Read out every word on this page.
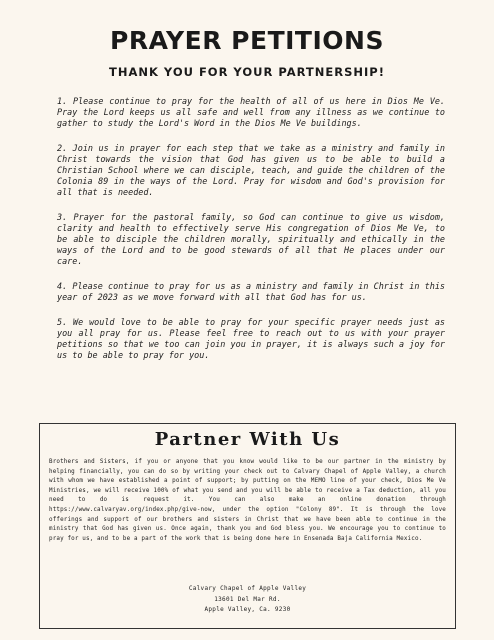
PRAYER PETITIONS
THANK YOU FOR YOUR PARTNERSHIP!

1. Please continue to pray for the health of all of us here in Dios Me Ve. Pray the Lord keeps us all safe and well from any illness as we continue to gather to study the Lord's Word in the Dios Me Ve buildings.

2. Join us in prayer for each step that we take as a ministry and family in Christ towards the vision that God has given us to be able to build a Christian School where we can disciple, teach, and guide the children of the Colonia 89 in the ways of the Lord. Pray for wisdom and God's provision for all that is needed.

3. Prayer for the pastoral family, so God can continue to give us wisdom, clarity and health to effectively serve His congregation of Dios Me Ve, to be able to disciple the children morally, spiritually and ethically in the ways of the Lord and to be good stewards of all that He places under our care.

4. Please continue to pray for us as a ministry and family in Christ in this year of 2023 as we move forward with all that God has for us.

5. We would love to be able to pray for your specific prayer needs just as you all pray for us. Please feel free to reach out to us with your prayer petitions so that we too can join you in prayer, it is always such a joy for us to be able to pray for you.

Partner With Us

Brothers and Sisters, if you or anyone that you know would like to be our partner in the ministry by helping financially, you can do so by writing your check out to Calvary Chapel of Apple Valley, a church with whom we have established a point of support; by putting on the MEMO line of your check, Dios Me Ve Ministries, we will receive 100% of what you send and you will be able to receive a Tax deduction, all you need to do is request it. You can also make an online donation through https://www.calvaryav.org/index.php/give-now, under the option "Colony 89". It is through the love offerings and support of our brothers and sisters in Christ that we have been able to continue in the ministry that God has given us. Once again, thank you and God bless you. We encourage you to continue to pray for us, and to be a part of the work that is being done here in Ensenada Baja California Mexico.

Calvary Chapel of Apple Valley
13601 Del Mar Rd.
Apple Valley, Ca. 9230
